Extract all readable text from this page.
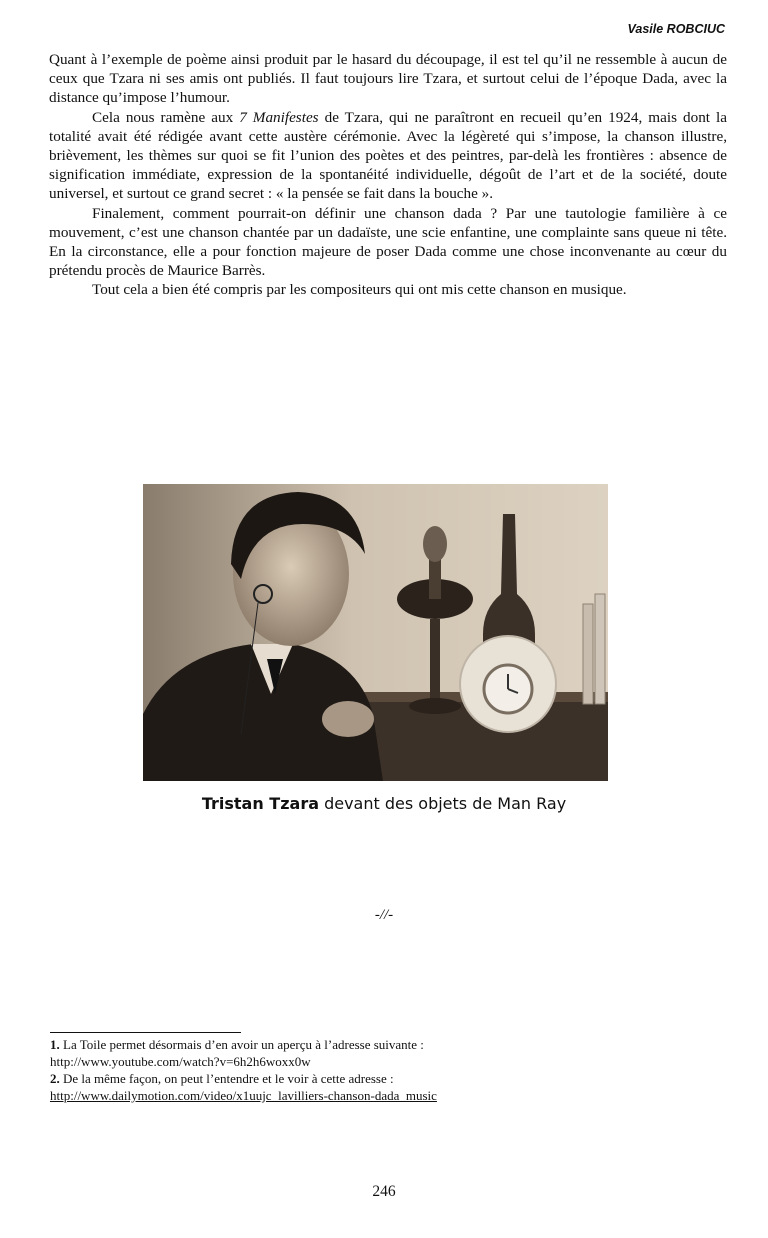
Vasile ROBCIUC

Quant à l’exemple de poème ainsi produit par le hasard du découpage, il est tel qu’il ne ressemble à aucun de ceux que Tzara ni ses amis ont publiés. Il faut toujours lire Tzara, et surtout celui de l’époque Dada, avec la distance qu’impose l’humour.

Cela nous ramène aux 7 Manifestes de Tzara, qui ne paraîtront en recueil qu’en 1924, mais dont la totalité avait été rédigée avant cette austère cérémonie. Avec la légèreté qui s’impose, la chanson illustre, brièvement, les thèmes sur quoi se fit l’union des poètes et des peintres, par-delà les frontières : absence de signification immédiate, expression de la spontanéité individuelle, dégoût de l’art et de la société, doute universel, et surtout ce grand secret : « la pensée se fait dans la bouche ».

Finalement, comment pourrait-on définir une chanson dada ? Par une tautologie familière à ce mouvement, c’est une chanson chantée par un dadaïste, une scie enfantine, une complainte sans queue ni tête. En la circonstance, elle a pour fonction majeure de poser Dada comme une chose inconvenante au cœur du prétendu procès de Maurice Barrès.

Tout cela a bien été compris par les compositeurs qui ont mis cette chanson en musique.

Tristan Tzara devant des objets de Man Ray
-//-
1. La Toile permet désormais d’en avoir un aperçu à l’adresse suivante :
http://www.youtube.com/watch?v=6h2h6woxx0w
2. De la même façon, on peut l’entendre et le voir à cette adresse :
http://www.dailymotion.com/video/x1uujc_lavilliers-chanson-dada_music
246
